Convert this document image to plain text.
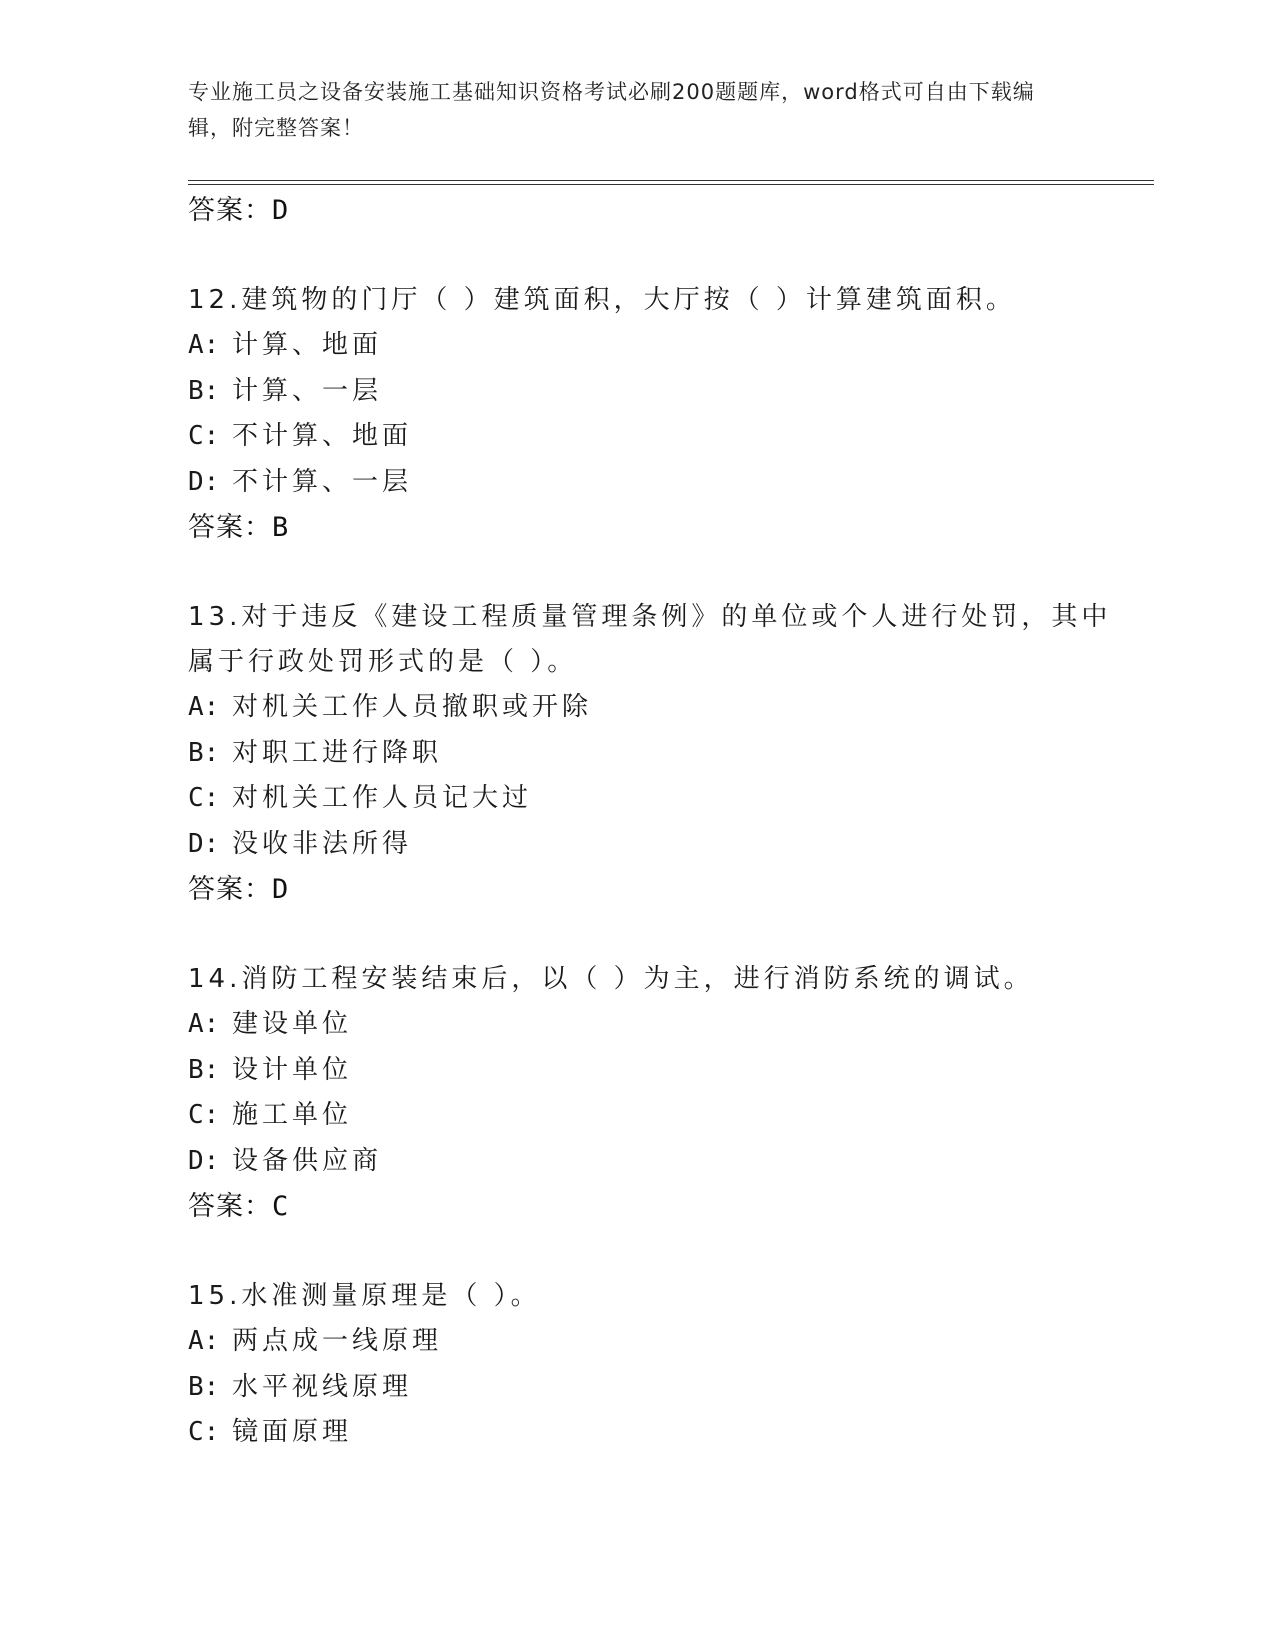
专业施工员之设备安装施工基础知识资格考试必刷200题题库，word格式可自由下载编辑，附完整答案！
答案：D
12.建筑物的门厅（ ）建筑面积，大厅按（ ）计算建筑面积。
A: 计算、地面
B: 计算、一层
C: 不计算、地面
D: 不计算、一层
答案：B
13.对于违反《建设工程质量管理条例》的单位或个人进行处罚，其中属于行政处罚形式的是（ ）。
A: 对机关工作人员撤职或开除
B: 对职工进行降职
C: 对机关工作人员记大过
D: 没收非法所得
答案：D
14.消防工程安装结束后，以（ ）为主，进行消防系统的调试。
A: 建设单位
B: 设计单位
C: 施工单位
D: 设备供应商
答案：C
15.水准测量原理是（ ）。
A: 两点成一线原理
B: 水平视线原理
C: 镜面原理
